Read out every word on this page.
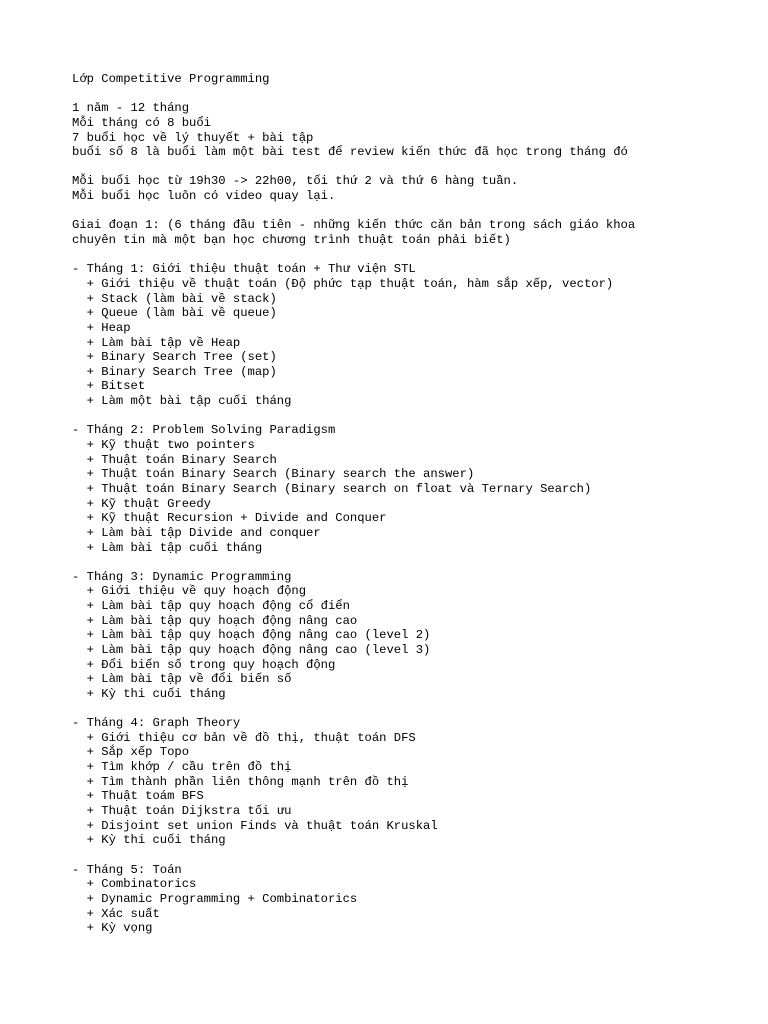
Lớp Competitive Programming
1 năm - 12 tháng
Mỗi tháng có 8 buổi
7 buổi học về lý thuyết + bài tập
buổi số 8 là buổi làm một bài test để review kiến thức đã học trong tháng đó
Mỗi buổi học từ 19h30 -> 22h00, tối thứ 2 và thứ 6 hàng tuần.
Mỗi buổi học luôn có video quay lại.
Giai đoạn 1: (6 tháng đầu tiên - những kiến thức căn bản trong sách giáo khoa
chuyên tin mà một bạn học chương trình thuật toán phải biết)
- Tháng 1: Giới thiệu thuật toán + Thư viện STL
+ Giới thiệu về thuật toán (Độ phức tạp thuật toán, hàm sắp xếp, vector)
+ Stack (làm bài về stack)
+ Queue (làm bài về queue)
+ Heap
+ Làm bài tập về Heap
+ Binary Search Tree (set)
+ Binary Search Tree (map)
+ Bitset
+ Làm một bài tập cuối tháng
- Tháng 2: Problem Solving Paradigsm
+ Kỹ thuật two pointers
+ Thuật toán Binary Search
+ Thuật toán Binary Search (Binary search the answer)
+ Thuật toán Binary Search (Binary search on float và Ternary Search)
+ Kỹ thuật Greedy
+ Kỹ thuật Recursion + Divide and Conquer
+ Làm bài tập Divide and conquer
+ Làm bài tập cuối tháng
- Tháng 3: Dynamic Programming
+ Giới thiệu về quy hoạch động
+ Làm bài tập quy hoạch động cổ điển
+ Làm bài tập quy hoạch động nâng cao
+ Làm bài tập quy hoạch động nâng cao (level 2)
+ Làm bài tập quy hoạch động nâng cao (level 3)
+ Đổi biến số trong quy hoạch động
+ Làm bài tập về đổi biến số
+ Kỳ thi cuối tháng
- Tháng 4: Graph Theory
+ Giới thiệu cơ bản về đồ thị, thuật toán DFS
+ Sắp xếp Topo
+ Tìm khớp / cầu trên đồ thị
+ Tìm thành phần liên thông mạnh trên đồ thị
+ Thuật toám BFS
+ Thuật toán Dijkstra tối ưu
+ Disjoint set union Finds và thuật toán Kruskal
+ Kỳ thi cuối tháng
- Tháng 5: Toán
+ Combinatorics
+ Dynamic Programming + Combinatorics
+ Xác suất
+ Kỳ vọng
